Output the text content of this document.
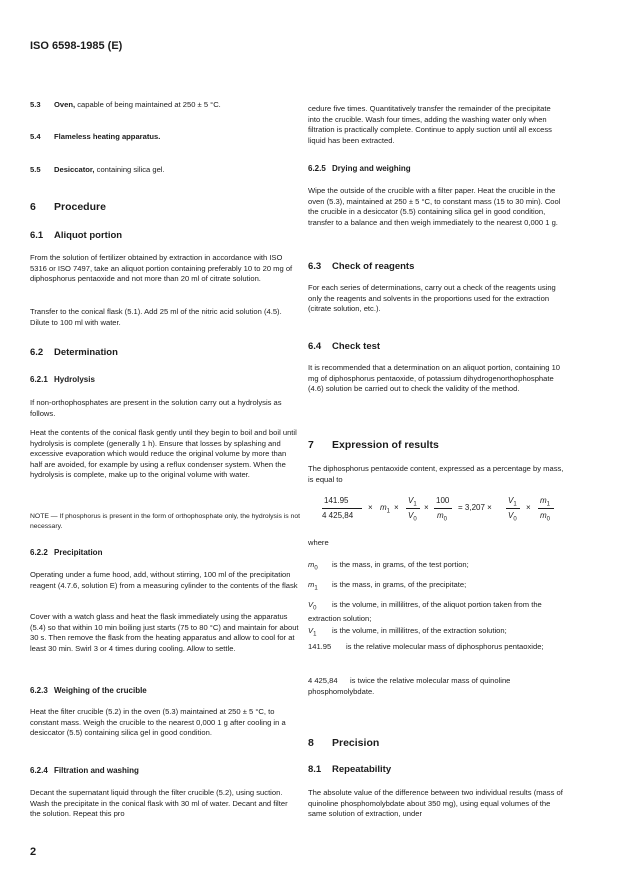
ISO 6598-1985 (E)

5.3 Oven, capable of being maintained at 250 ± 5 °C.

5.4 Flameless heating apparatus.

5.5 Desiccator, containing silica gel.

6 Procedure
6.1 Aliquot portion

From the solution of fertilizer obtained by extraction in accordance with ISO 5316 or ISO 7497, take an aliquot portion containing preferably 10 to 20 mg of diphosphorus pentaoxide and not more than 20 ml of citrate solution.

Transfer to the conical flask (5.1). Add 25 ml of the nitric acid solution (4.5). Dilute to 100 ml with water.

6.2 Determination
6.2.1 Hydrolysis

If non-orthophosphates are present in the solution carry out a hydrolysis as follows.

Heat the contents of the conical flask gently until they begin to boil and boil until hydrolysis is complete (generally 1 h). Ensure that losses by splashing and excessive evaporation which would reduce the original volume by more than half are avoided, for example by using a reflux condenser system. When the hydrolysis is complete, make up to the original volume with water.

NOTE — If phosphorus is present in the form of orthophosphate only, the hydrolysis is not necessary.

6.2.2 Precipitation

Operating under a fume hood, add, without stirring, 100 ml of the precipitation reagent (4.7.6, solution E) from a measuring cylinder to the contents of the flask

Cover with a watch glass and heat the flask immediately using the apparatus (5.4) so that within 10 min boiling just starts (75 to 80 °C) and maintain for about 30 s. Then remove the flask from the heating apparatus and allow to cool for at least 30 min. Swirl 3 or 4 times during cooling. Allow to settle.

6.2.3 Weighing of the crucible

Heat the filter crucible (5.2) in the oven (5.3) maintained at 250 ± 5 °C, to constant mass. Weigh the crucible to the nearest 0,000 1 g after cooling in a desiccator (5.5) containing silica gel in good condition.

6.2.4 Filtration and washing

Decant the supernatant liquid through the filter crucible (5.2), using suction. Wash the precipitate in the conical flask with 30 ml of water. Decant and filter the solution. Repeat this pro

cedure five times. Quantitatively transfer the remainder of the precipitate into the crucible. Wash four times, adding the washing water only when filtration is practically complete. Continue to apply suction until all excess liquid has been extracted.

6.2.5 Drying and weighing

Wipe the outside of the crucible with a filter paper. Heat the crucible in the oven (5.3), maintained at 250 ± 5 °C, to constant mass (15 to 30 min). Cool the crucible in a desiccator (5.5) containing silica gel in good condition, transfer to a balance and then weigh immediately to the nearest 0,000 1 g.

6.3 Check of reagents

For each series of determinations, carry out a check of the reagents using only the reagents and solvents in the proportions used for the extraction (citrate solution, etc.).

6.4 Check test

It is recommended that a determination on an aliquot portion, containing 10 mg of diphosphorus pentaoxide, of potassium dihydrogenorthophosphate (4.6) solution be carried out to check the validity of the method.

7 Expression of results

The diphosphorus pentaoxide content, expressed as a percentage by mass, is equal to

141.95
4 425,84
× $m_1$ ×
$V_1$
$V_0$
×
100
$m_0$
= 3,207 ×
$V_1$
$V_0$
×
$m_1$
$m_0$

where

$m_0$ is the mass, in grams, of the test portion;

$m_1$ is the mass, in grams, of the precipitate;

$V_0$ is the volume, in millilitres, of the aliquot portion taken from the extraction solution;

$V_1$ is the volume, in millilitres, of the extraction solution;

141.95 is the relative molecular mass of diphosphorus pentaoxide;

4 425,84 is twice the relative molecular mass of quinoline phosphomolybdate.

8 Precision
8.1 Repeatability

The absolute value of the difference between two individual results (mass of quinoline phosphomolybdate about 350 mg), using equal volumes of the same solution of extraction, under

2
